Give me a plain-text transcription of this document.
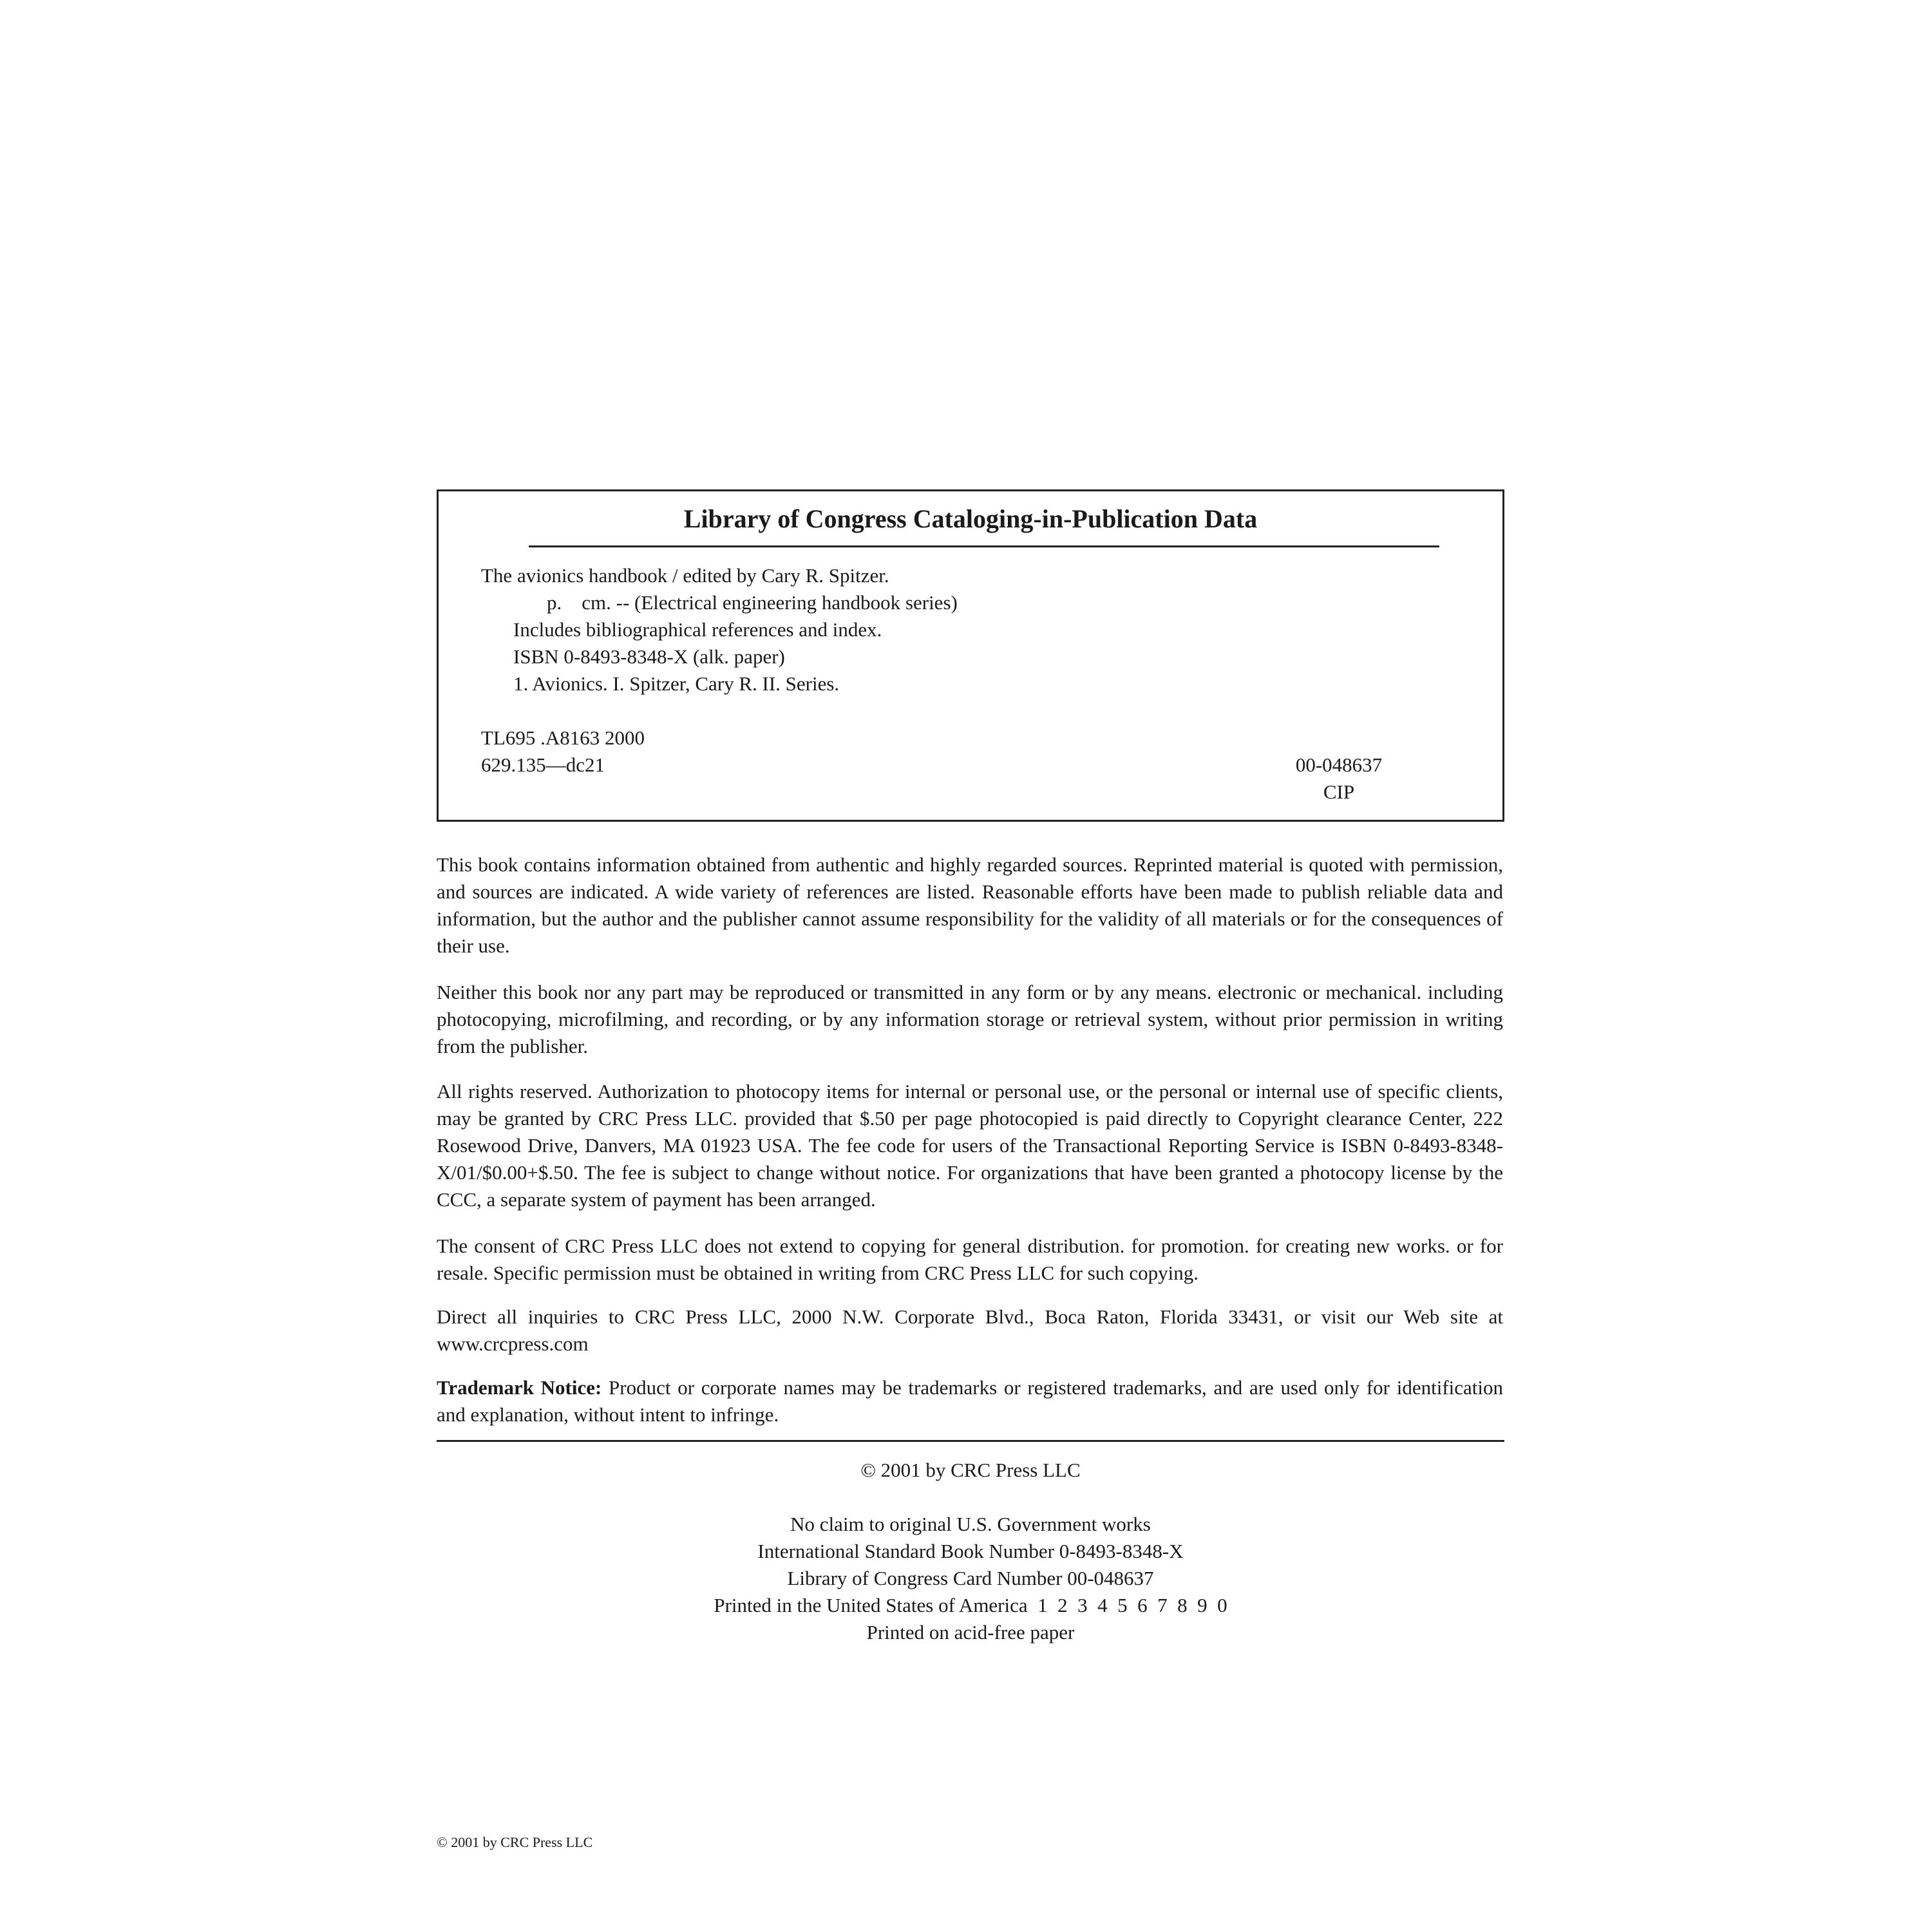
Library of Congress Cataloging-in-Publication Data
The avionics handbook / edited by Cary R. Spitzer.
p.    cm. -- (Electrical engineering handbook series)
Includes bibliographical references and index.
ISBN 0-8493-8348-X (alk. paper)
1. Avionics. I. Spitzer, Cary R. II. Series.
TL695 .A8163 2000
629.135—dc21	00-048637
CIP

This book contains information obtained from authentic and highly regarded sources. Reprinted material is quoted with permission, and sources are indicated. A wide variety of references are listed. Reasonable efforts have been made to publish reliable data and information, but the author and the publisher cannot assume responsibility for the validity of all materials or for the consequences of their use.

Neither this book nor any part may be reproduced or transmitted in any form or by any means. electronic or mechanical. including photocopying, microfilming, and recording, or by any information storage or retrieval system, without prior permission in writing from the publisher.

All rights reserved. Authorization to photocopy items for internal or personal use, or the personal or internal use of specific clients, may be granted by CRC Press LLC. provided that $.50 per page photocopied is paid directly to Copyright clearance Center, 222 Rosewood Drive, Danvers, MA 01923 USA. The fee code for users of the Transactional Reporting Service is ISBN 0-8493-8348-X/01/$0.00+$.50. The fee is subject to change without notice. For organizations that have been granted a photocopy license by the CCC, a separate system of payment has been arranged.

The consent of CRC Press LLC does not extend to copying for general distribution. for promotion. for creating new works. or for resale. Specific permission must be obtained in writing from CRC Press LLC for such copying.

Direct all inquiries to CRC Press LLC, 2000 N.W. Corporate Blvd., Boca Raton, Florida 33431, or visit our Web site at www.crcpress.com

Trademark Notice: Product or corporate names may be trademarks or registered trademarks, and are used only for identification and explanation, without intent to infringe.

© 2001 by CRC Press LLC
No claim to original U.S. Government works
International Standard Book Number 0-8493-8348-X
Library of Congress Card Number 00-048637
Printed in the United States of America  1  2  3  4  5  6  7  8  9  0
Printed on acid-free paper
© 2001 by CRC Press LLC
